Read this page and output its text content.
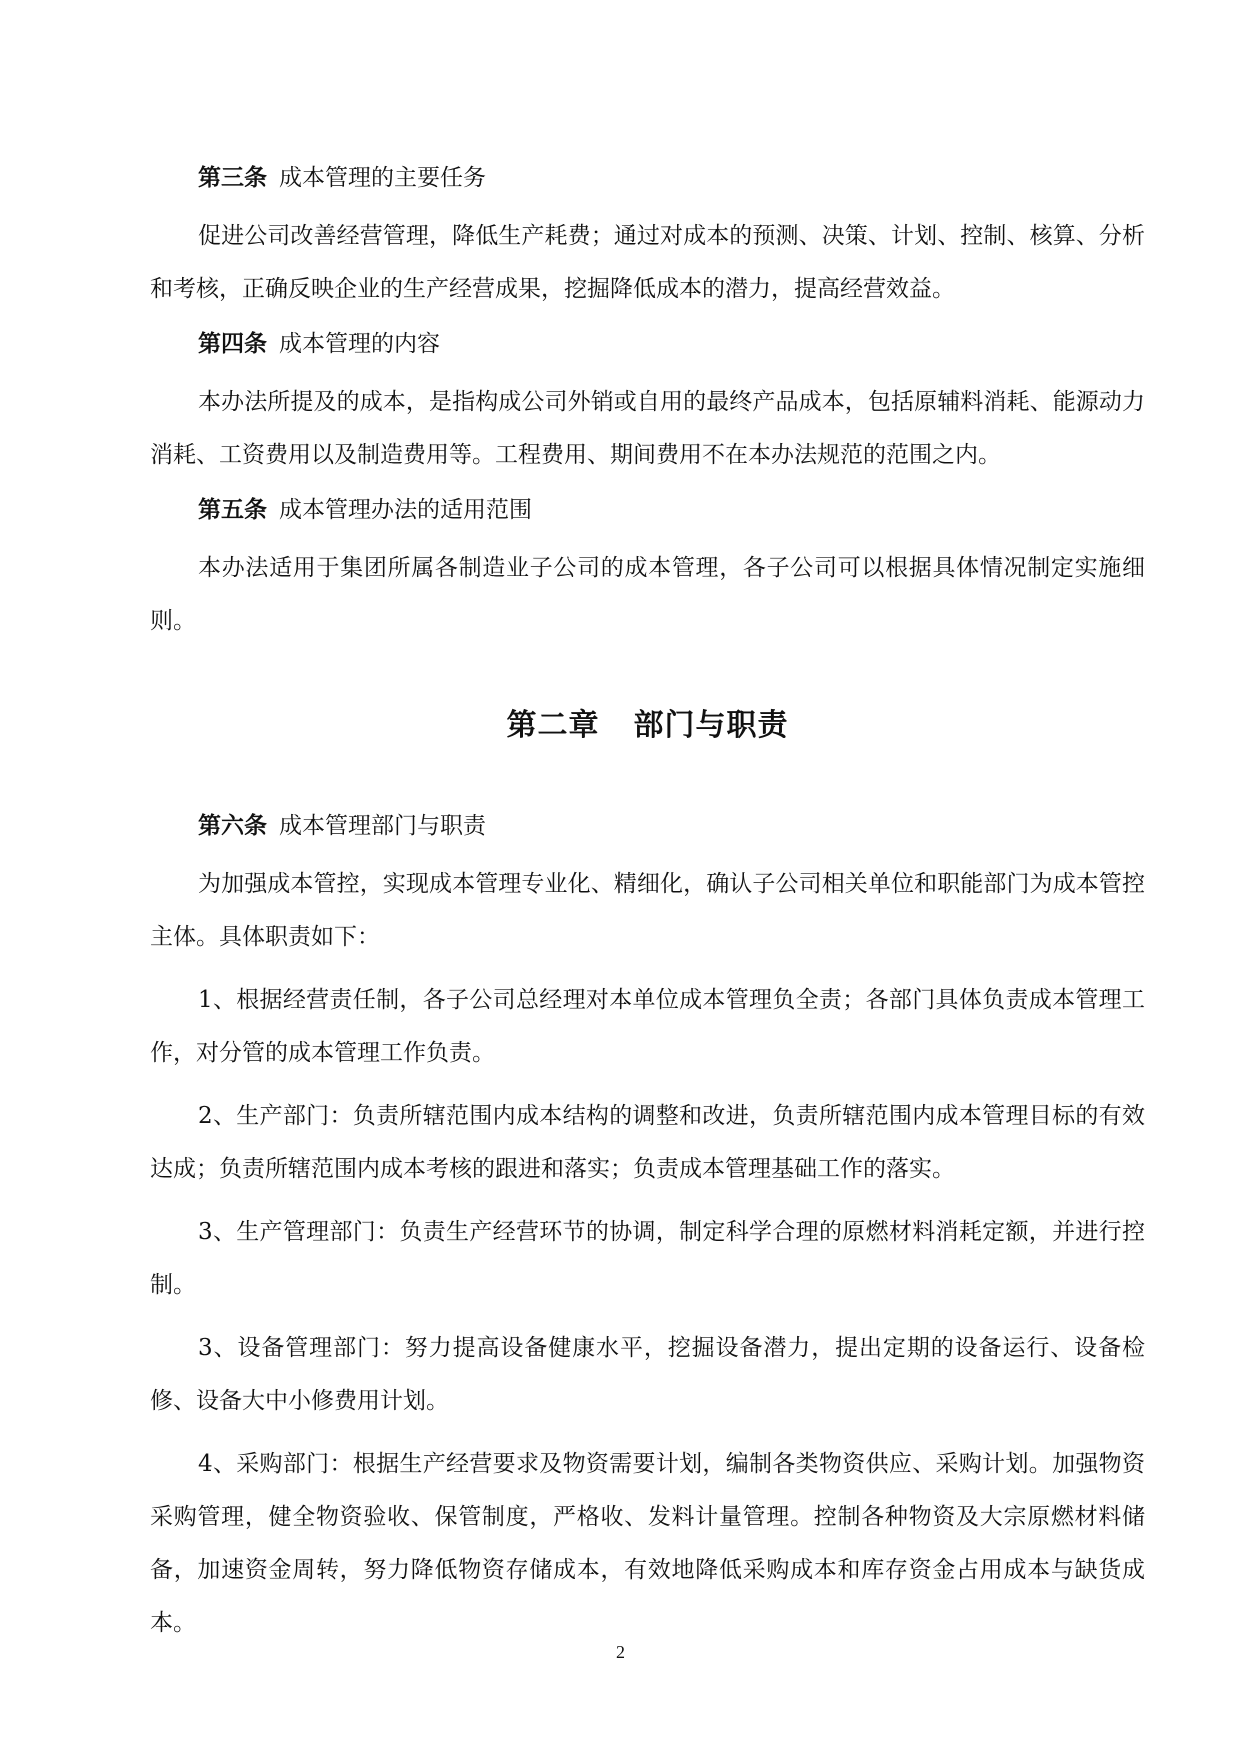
第三条 成本管理的主要任务

促进公司改善经营管理，降低生产耗费；通过对成本的预测、决策、计划、控制、核算、分析和考核，正确反映企业的生产经营成果，挖掘降低成本的潜力，提高经营效益。

第四条 成本管理的内容

本办法所提及的成本，是指构成公司外销或自用的最终产品成本，包括原辅料消耗、能源动力消耗、工资费用以及制造费用等。工程费用、期间费用不在本办法规范的范围之内。

第五条 成本管理办法的适用范围

本办法适用于集团所属各制造业子公司的成本管理，各子公司可以根据具体情况制定实施细则。

第二章 部门与职责

第六条 成本管理部门与职责

为加强成本管控，实现成本管理专业化、精细化，确认子公司相关单位和职能部门为成本管控主体。具体职责如下：

1、根据经营责任制，各子公司总经理对本单位成本管理负全责；各部门具体负责成本管理工作，对分管的成本管理工作负责。

2、生产部门：负责所辖范围内成本结构的调整和改进，负责所辖范围内成本管理目标的有效达成；负责所辖范围内成本考核的跟进和落实；负责成本管理基础工作的落实。

3、生产管理部门：负责生产经营环节的协调，制定科学合理的原燃材料消耗定额，并进行控制。

3、设备管理部门：努力提高设备健康水平，挖掘设备潜力，提出定期的设备运行、设备检修、设备大中小修费用计划。

4、采购部门：根据生产经营要求及物资需要计划，编制各类物资供应、采购计划。加强物资采购管理，健全物资验收、保管制度，严格收、发料计量管理。控制各种物资及大宗原燃材料储备，加速资金周转，努力降低物资存储成本，有效地降低采购成本和库存资金占用成本与缺货成本。

2
